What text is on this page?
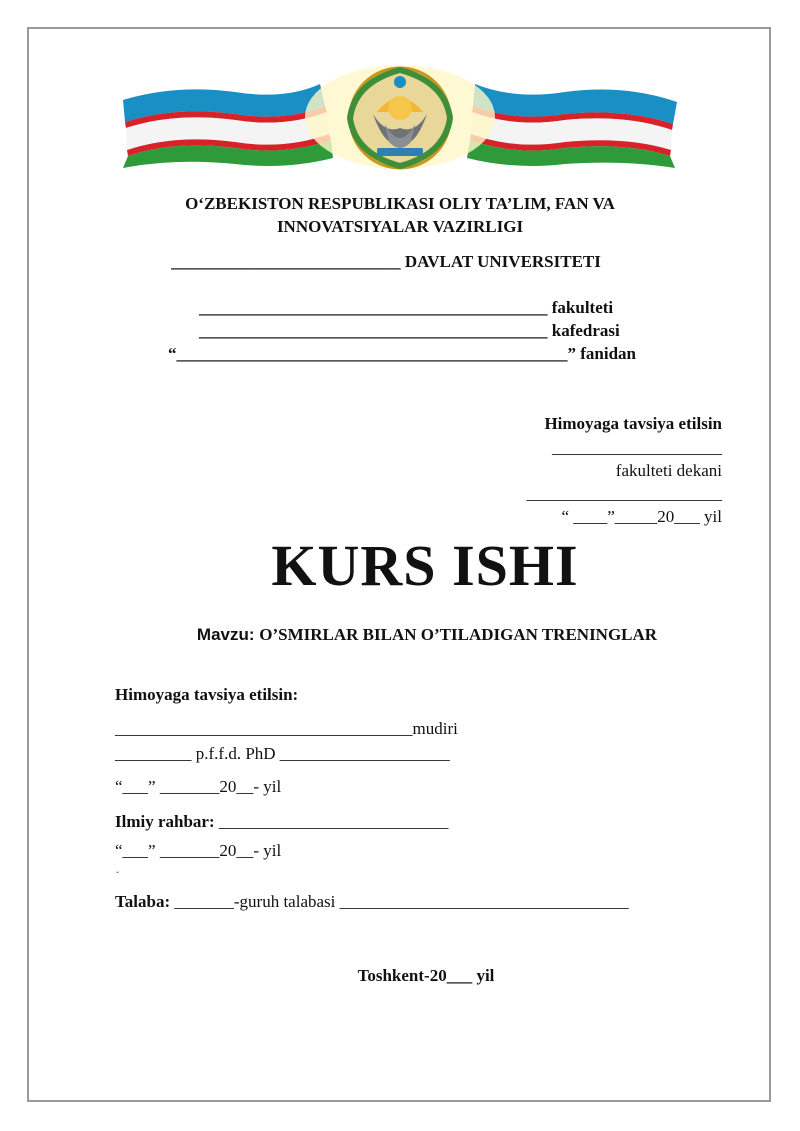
O‘ZBEKISTON RESPUBLIKASI OLIY TA’LIM, FAN VA
INNOVATSIYALAR VAZIRLIGI
___________________________ DAVLAT UNIVERSITETI
_________________________________________ fakulteti
_________________________________________ kafedrasi
“______________________________________________” fanidan
Himoyaga tavsiya etilsin
____________________
fakulteti dekani
_______________________
“ ____”_____20___ yil
KURS ISHI
Mavzu: O’SMIRLAR BILAN O’TILADIGAN TRENINGLAR
Himoyaga tavsiya etilsin:
___________________________________mudiri
_________ p.f.f.d. PhD ____________________
“___” _______20__- yil
Ilmiy rahbar: ___________________________
“___” _______20__- yil
ˇ
Talaba: _______-guruh talabasi __________________________________
Toshkent-20___ yil
